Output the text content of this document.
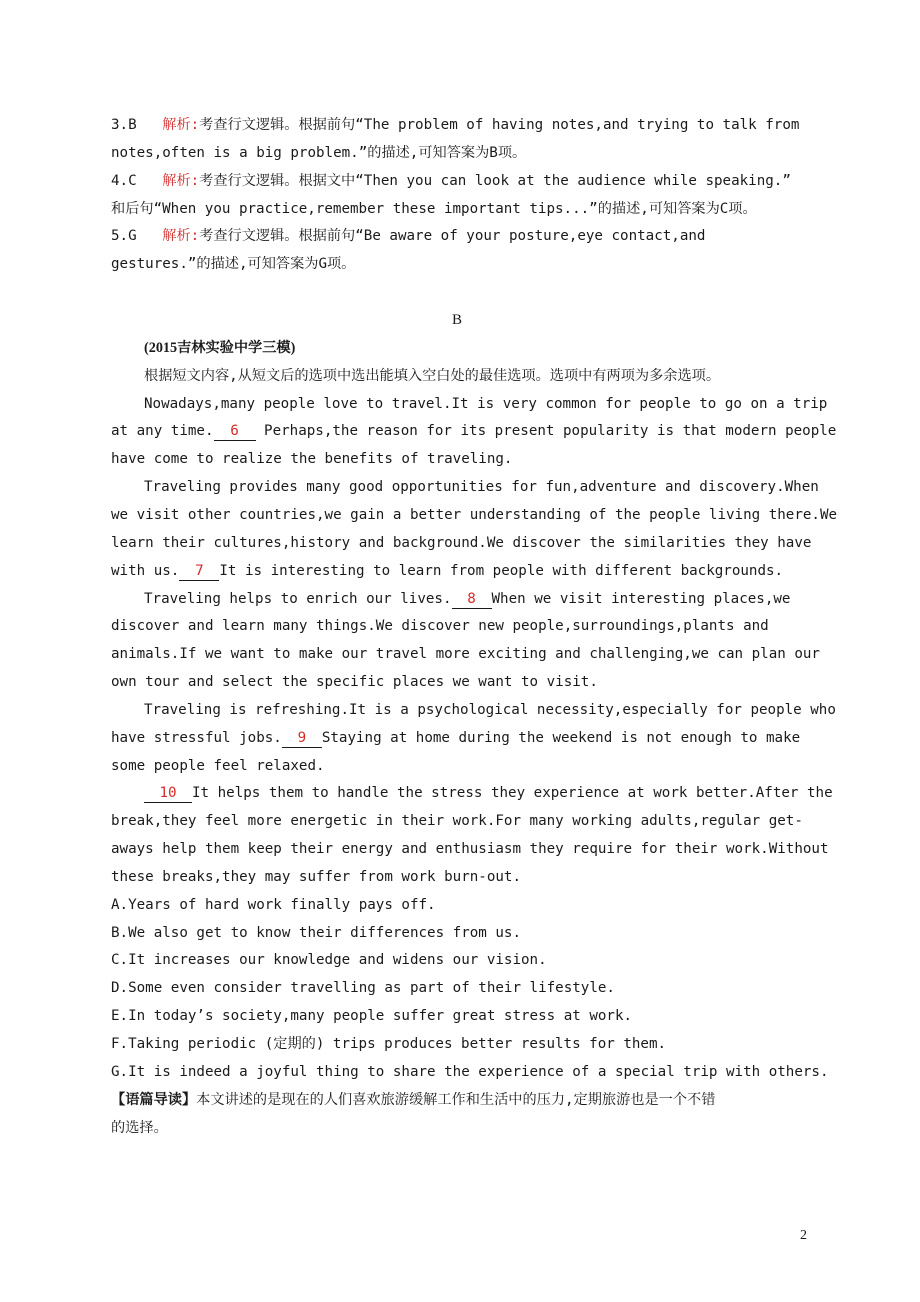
3.B 解析:考查行文逻辑。根据前句“The problem of having notes,and trying to talk from
notes,often is a big problem.”的描述,可知答案为B项。
4.C 解析:考查行文逻辑。根据文中“Then you can look at the audience while speaking.”
和后句“When you practice,remember these important tips...”的描述,可知答案为C项。
5.G 解析:考查行文逻辑。根据前句“Be aware of your posture,eye contact,and
gestures.”的描述,可知答案为G项。
B
(2015吉林实验中学三模)
根据短文内容,从短文后的选项中选出能填入空白处的最佳选项。选项中有两项为多余选项。
Nowadays,many people love to travel.It is very common for people to go on a trip
at any time. 6 Perhaps,the reason for its present popularity is that modern people
have come to realize the benefits of traveling.
Traveling provides many good opportunities for fun,adventure and discovery.When
we visit other countries,we gain a better understanding of the people living there.We
learn their cultures,history and background.We discover the similarities they have
with us. 7 It is interesting to learn from people with different backgrounds.
Traveling helps to enrich our lives. 8 When we visit interesting places,we
discover and learn many things.We discover new people,surroundings,plants and
animals.If we want to make our travel more exciting and challenging,we can plan our
own tour and select the specific places we want to visit.
Traveling is refreshing.It is a psychological necessity,especially for people who
have stressful jobs. 9 Staying at home during the weekend is not enough to make
some people feel relaxed.
10 It helps them to handle the stress they experience at work better.After the
break,they feel more energetic in their work.For many working adults,regular get-
aways help them keep their energy and enthusiasm they require for their work.Without
these breaks,they may suffer from work burn-out.
A.Years of hard work finally pays off.
B.We also get to know their differences from us.
C.It increases our knowledge and widens our vision.
D.Some even consider travelling as part of their lifestyle.
E.In today’s society,many people suffer great stress at work.
F.Taking periodic (定期的) trips produces better results for them.
G.It is indeed a joyful thing to share the experience of a special trip with others.
【语篇导读】本文讲述的是现在的人们喜欢旅游缓解工作和生活中的压力,定期旅游也是一个不错
的选择。
2
